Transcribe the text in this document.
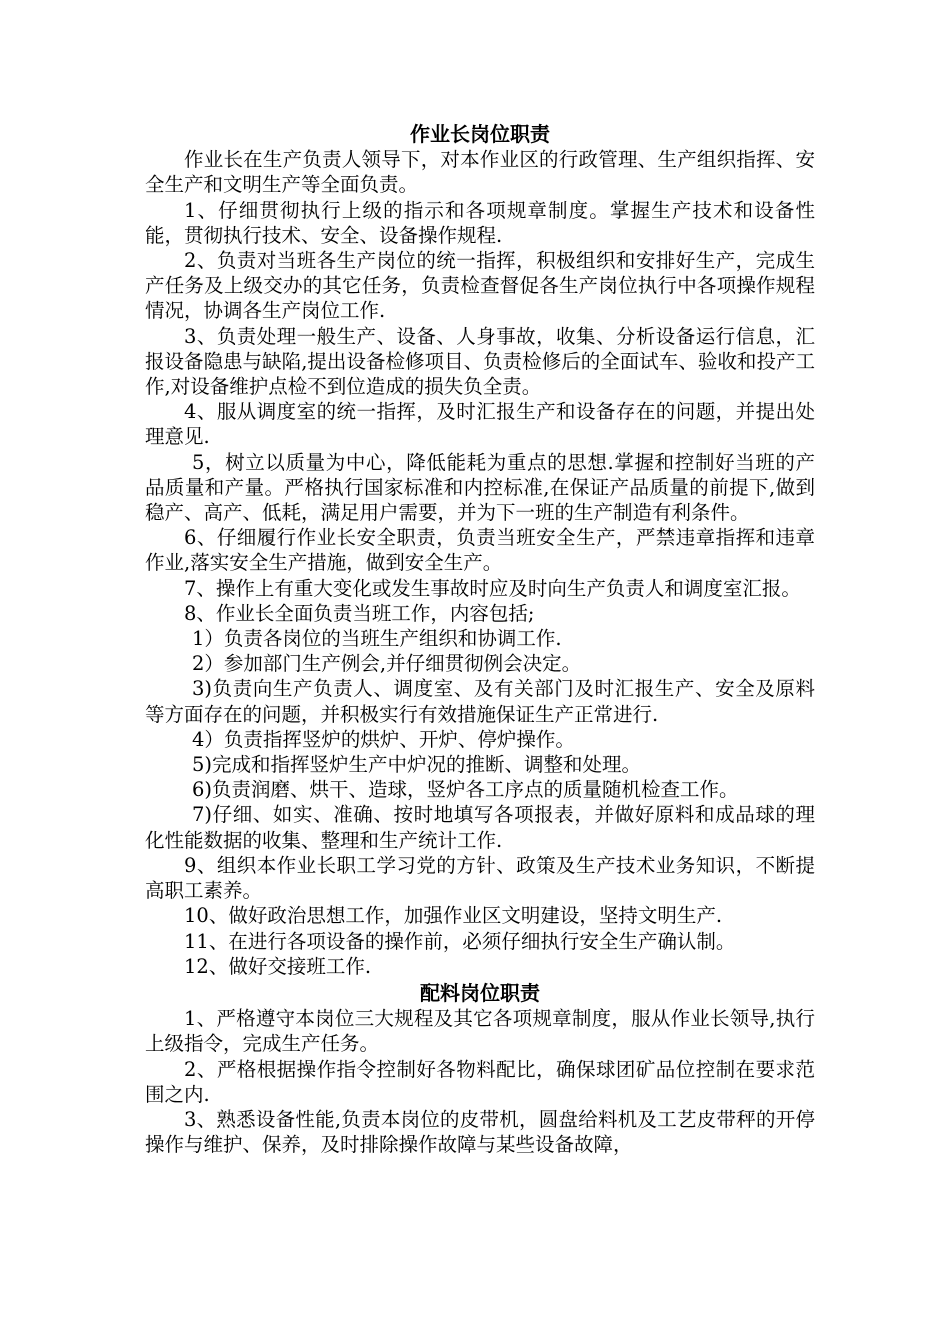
作业长岗位职责

作业长在生产负责人领导下，对本作业区的行政管理、生产组织指挥、安全生产和文明生产等全面负责。

1、仔细贯彻执行上级的指示和各项规章制度。掌握生产技术和设备性能，贯彻执行技术、安全、设备操作规程.

2、负责对当班各生产岗位的统一指挥，积极组织和安排好生产，完成生产任务及上级交办的其它任务，负责检查督促各生产岗位执行中各项操作规程情况，协调各生产岗位工作.

3、负责处理一般生产、设备、人身事故，收集、分析设备运行信息，汇报设备隐患与缺陷,提出设备检修项目、负责检修后的全面试车、验收和投产工作,对设备维护点检不到位造成的损失负全责。

4、服从调度室的统一指挥，及时汇报生产和设备存在的问题，并提出处理意见.

5，树立以质量为中心，降低能耗为重点的思想.掌握和控制好当班的产品质量和产量。严格执行国家标准和内控标准,在保证产品质量的前提下,做到稳产、高产、低耗，满足用户需要，并为下一班的生产制造有利条件。

6、仔细履行作业长安全职责，负责当班安全生产，严禁违章指挥和违章作业,落实安全生产措施，做到安全生产。

7、操作上有重大变化或发生事故时应及时向生产负责人和调度室汇报。

8、作业长全面负责当班工作，内容包括;

1）负责各岗位的当班生产组织和协调工作.

2）参加部门生产例会,并仔细贯彻例会决定。

3)负责向生产负责人、调度室、及有关部门及时汇报生产、安全及原料等方面存在的问题，并积极实行有效措施保证生产正常进行.

4）负责指挥竖炉的烘炉、开炉、停炉操作。

5)完成和指挥竖炉生产中炉况的推断、调整和处理。

6)负责润磨、烘干、造球，竖炉各工序点的质量随机检查工作。

7)仔细、如实、准确、按时地填写各项报表，并做好原料和成品球的理化性能数据的收集、整理和生产统计工作.

9、组织本作业长职工学习党的方针、政策及生产技术业务知识，不断提高职工素养。

10、做好政治思想工作，加强作业区文明建设，坚持文明生产.

11、在进行各项设备的操作前，必须仔细执行安全生产确认制。

12、做好交接班工作.

配料岗位职责

1、严格遵守本岗位三大规程及其它各项规章制度，服从作业长领导,执行上级指令，完成生产任务。

2、严格根据操作指令控制好各物料配比，确保球团矿品位控制在要求范围之内.

3、熟悉设备性能,负责本岗位的皮带机，圆盘给料机及工艺皮带秤的开停操作与维护、保养，及时排除操作故障与某些设备故障，
